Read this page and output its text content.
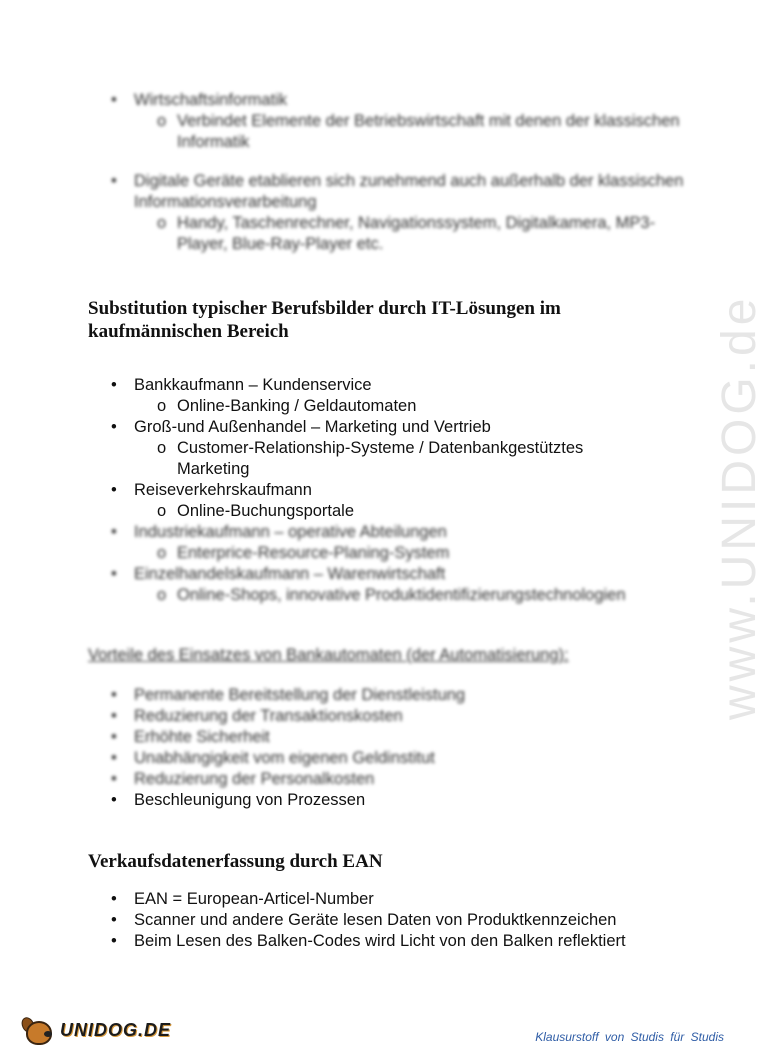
www.UNIDOG.de
• Wirtschaftsinformatik
o Verbindet Elemente der Betriebswirtschaft mit denen der klassischen Informatik
• Digitale Geräte etablieren sich zunehmend auch außerhalb der klassischen Informationsverarbeitung
o Handy, Taschenrechner, Navigationssystem, Digitalkamera, MP3-Player, Blue-Ray-Player etc.
Substitution typischer Berufsbilder durch IT-Lösungen im kaufmännischen Bereich
• Bankkaufmann – Kundenservice
o Online-Banking / Geldautomaten
• Groß-und Außenhandel – Marketing und Vertrieb
o Customer-Relationship-Systeme / Datenbankgestütztes Marketing
• Reiseverkehrskaufmann
o Online-Buchungsportale
• Industriekaufmann – operative Abteilungen
o Enterprice-Resource-Planing-System
• Einzelhandelskaufmann – Warenwirtschaft
o Online-Shops, innovative Produktidentifizierungstechnologien
Vorteile des Einsatzes von Bankautomaten (der Automatisierung):
• Permanente Bereitstellung der Dienstleistung
• Reduzierung der Transaktionskosten
• Erhöhte Sicherheit
• Unabhängigkeit vom eigenen Geldinstitut
• Reduzierung der Personalkosten
• Beschleunigung von Prozessen
Verkaufsdatenerfassung durch EAN
• EAN = European-Articel-Number
• Scanner und andere Geräte lesen Daten von Produktkennzeichen
• Beim Lesen des Balken-Codes wird Licht von den Balken reflektiert
UNIDOG.DE	Klausurstoff von Studis für Studis
